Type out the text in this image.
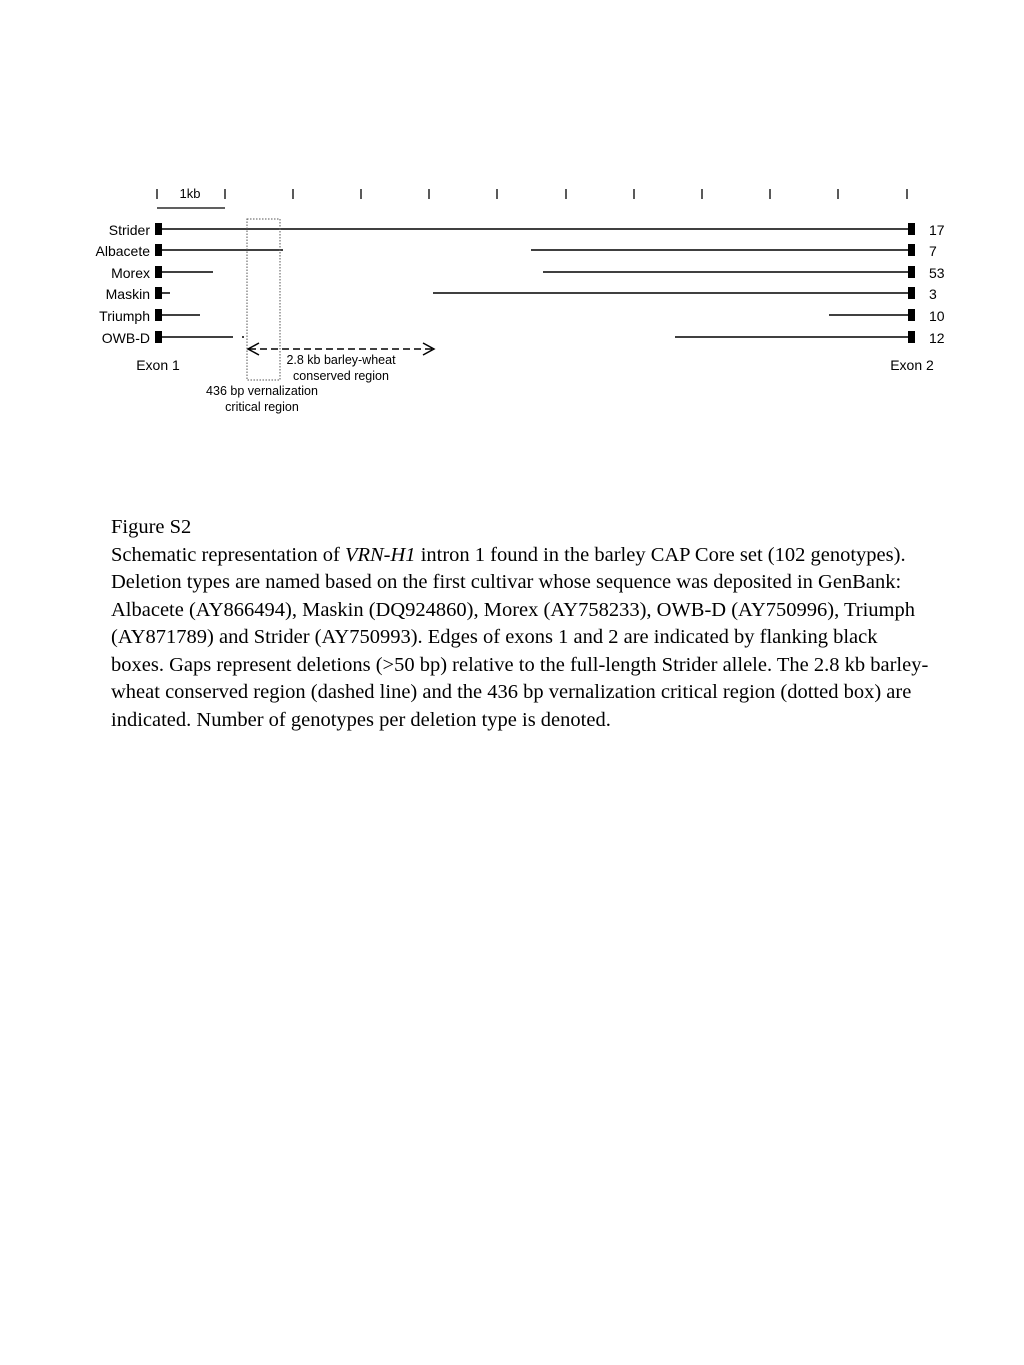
1kb
Strider
Albacete
Morex
Maskin
Triumph
OWB-D
17
7
53
3
10
12
2.8 kb barley-wheat
conserved region
436 bp vernalization
critical region
Exon 1	Exon 2

Figure S2

Schematic representation of VRN-H1 intron 1 found in the barley CAP Core set (102 genotypes). Deletion types are named based on the first cultivar whose sequence was deposited in GenBank: Albacete (AY866494), Maskin (DQ924860), Morex (AY758233), OWB-D (AY750996), Triumph (AY871789) and Strider (AY750993). Edges of exons 1 and 2 are indicated by flanking black boxes. Gaps represent deletions (>50 bp) relative to the full-length Strider allele. The 2.8 kb barley-wheat conserved region (dashed line) and the 436 bp vernalization critical region (dotted box) are indicated. Number of genotypes per deletion type is denoted.
